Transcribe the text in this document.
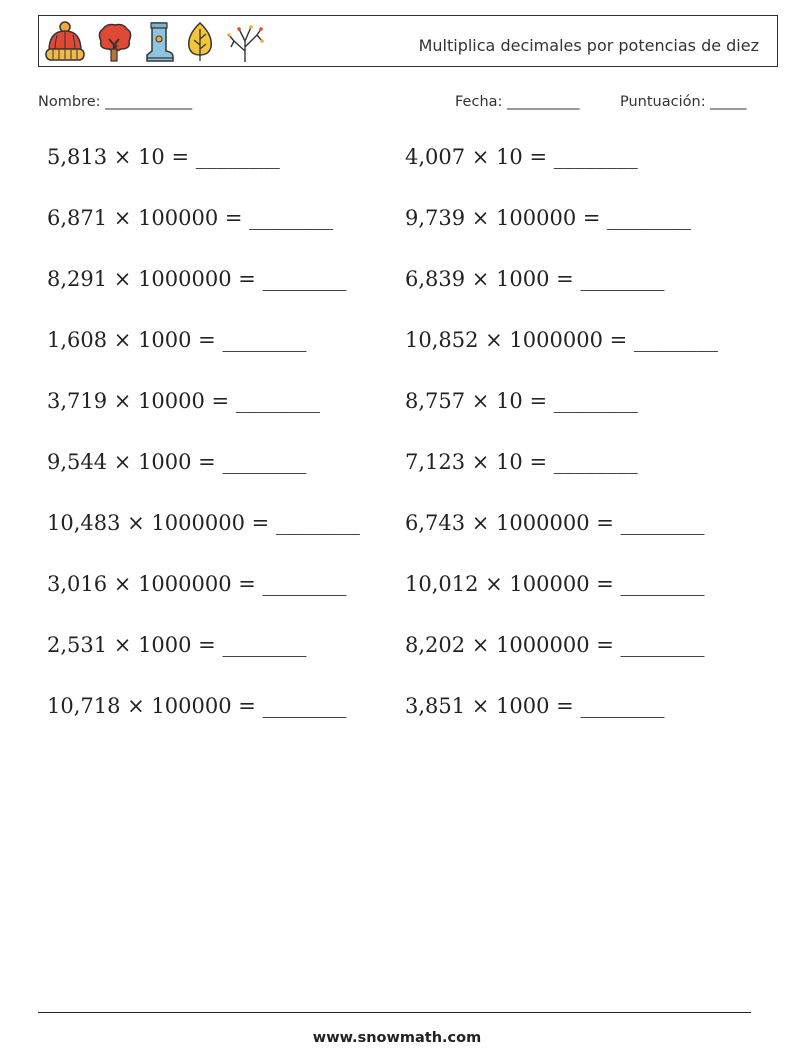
Multiplica decimales por potencias de diez
Nombre: ____________	Fecha: __________	Puntuación: _____
5,813 × 10 = ________	4,007 × 10 = ________
6,871 × 100000 = ________	9,739 × 100000 = ________
8,291 × 1000000 = ________	6,839 × 1000 = ________
1,608 × 1000 = ________	10,852 × 1000000 = ________
3,719 × 10000 = ________	8,757 × 10 = ________
9,544 × 1000 = ________	7,123 × 10 = ________
10,483 × 1000000 = ________ 6,743 × 1000000 = ________
3,016 × 1000000 = ________	10,012 × 100000 = ________
2,531 × 1000 = ________	8,202 × 1000000 = ________
10,718 × 100000 = ________	3,851 × 1000 = ________
www.snowmath.com
